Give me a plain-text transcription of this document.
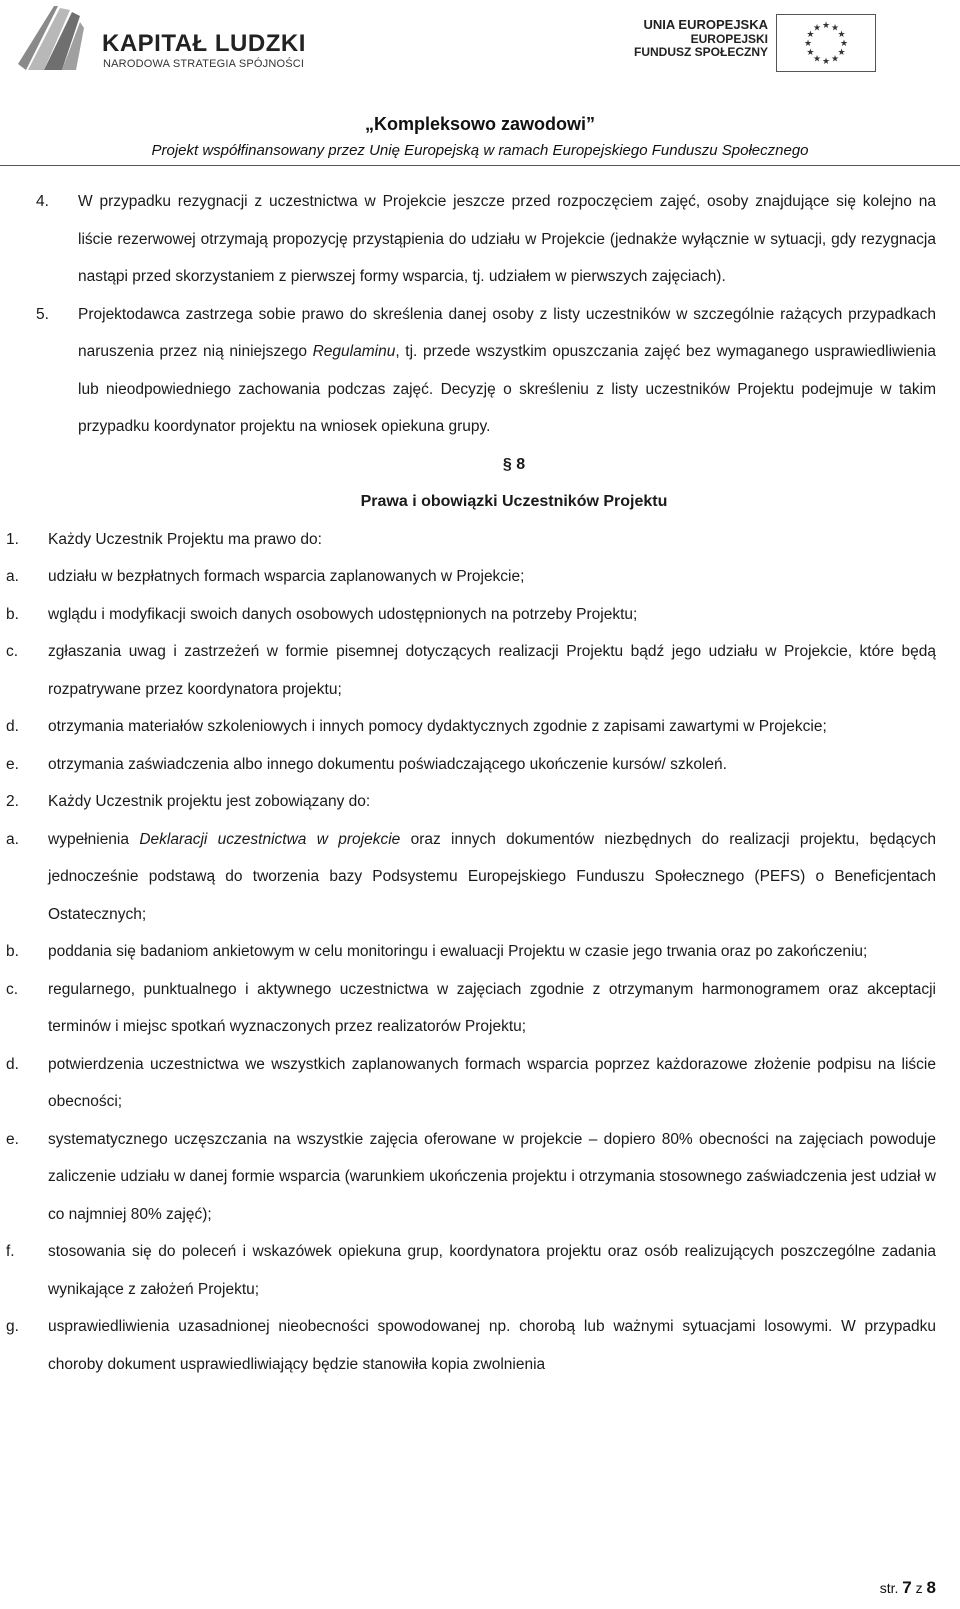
KAPITAŁ LUDZKI
NARODOWA STRATEGIA SPÓJNOŚCI
UNIA EUROPEJSKA
EUROPEJSKI
FUNDUSZ SPOŁECZNY
★
★
★
★
★
★
★
★
★ ★ ★
★
„Kompleksowo zawodowi”
Projekt współfinansowany przez Unię Europejską w ramach Europejskiego Funduszu Społecznego
4. W przypadku rezygnacji z uczestnictwa w Projekcie jeszcze przed rozpoczęciem zajęć, osoby znajdujące się kolejno na liście rezerwowej otrzymają propozycję przystąpienia do udziału w Projekcie (jednakże wyłącznie w sytuacji, gdy rezygnacja nastąpi przed skorzystaniem z pierwszej formy wsparcia, tj. udziałem w pierwszych zajęciach).
5. Projektodawca zastrzega sobie prawo do skreślenia danej osoby z listy uczestników w szczególnie rażących przypadkach naruszenia przez nią niniejszego Regulaminu, tj. przede wszystkim opuszczania zajęć bez wymaganego usprawiedliwienia lub nieodpowiedniego zachowania podczas zajęć. Decyzję o skreśleniu z listy uczestników Projektu podejmuje w takim przypadku koordynator projektu na wniosek opiekuna grupy.
§ 8
Prawa i obowiązki Uczestników Projektu
1. Każdy Uczestnik Projektu ma prawo do:
a. udziału w bezpłatnych formach wsparcia zaplanowanych w Projekcie;
b. wglądu i modyfikacji swoich danych osobowych udostępnionych na potrzeby Projektu;
c. zgłaszania uwag i zastrzeżeń w formie pisemnej dotyczących realizacji Projektu bądź jego udziału w Projekcie, które będą rozpatrywane przez koordynatora projektu;
d. otrzymania materiałów szkoleniowych i innych pomocy dydaktycznych zgodnie z zapisami zawartymi w Projekcie;
e. otrzymania zaświadczenia albo innego dokumentu poświadczającego ukończenie kursów/ szkoleń.
2. Każdy Uczestnik projektu jest zobowiązany do:
a. wypełnienia Deklaracji uczestnictwa w projekcie oraz innych dokumentów niezbędnych do realizacji projektu, będących jednocześnie podstawą do tworzenia bazy Podsystemu Europejskiego Funduszu Społecznego (PEFS) o Beneficjentach Ostatecznych;
b. poddania się badaniom ankietowym w celu monitoringu i ewaluacji Projektu w czasie jego trwania oraz po zakończeniu;
c. regularnego, punktualnego i aktywnego uczestnictwa w zajęciach zgodnie z otrzymanym harmonogramem oraz akceptacji terminów i miejsc spotkań wyznaczonych przez realizatorów Projektu;
d. potwierdzenia uczestnictwa we wszystkich zaplanowanych formach wsparcia poprzez każdorazowe złożenie podpisu na liście obecności;
e. systematycznego uczęszczania na wszystkie zajęcia oferowane w projekcie – dopiero 80% obecności na zajęciach powoduje zaliczenie udziału w danej formie wsparcia (warunkiem ukończenia projektu i otrzymania stosownego zaświadczenia jest udział w co najmniej 80% zajęć);
f. stosowania się do poleceń i wskazówek opiekuna grup, koordynatora projektu oraz osób realizujących poszczególne zadania wynikające z założeń Projektu;
g. usprawiedliwienia uzasadnionej nieobecności spowodowanej np. chorobą lub ważnymi sytuacjami losowymi. W przypadku choroby dokument usprawiedliwiający będzie stanowiła kopia zwolnienia
str. 7 z 8
